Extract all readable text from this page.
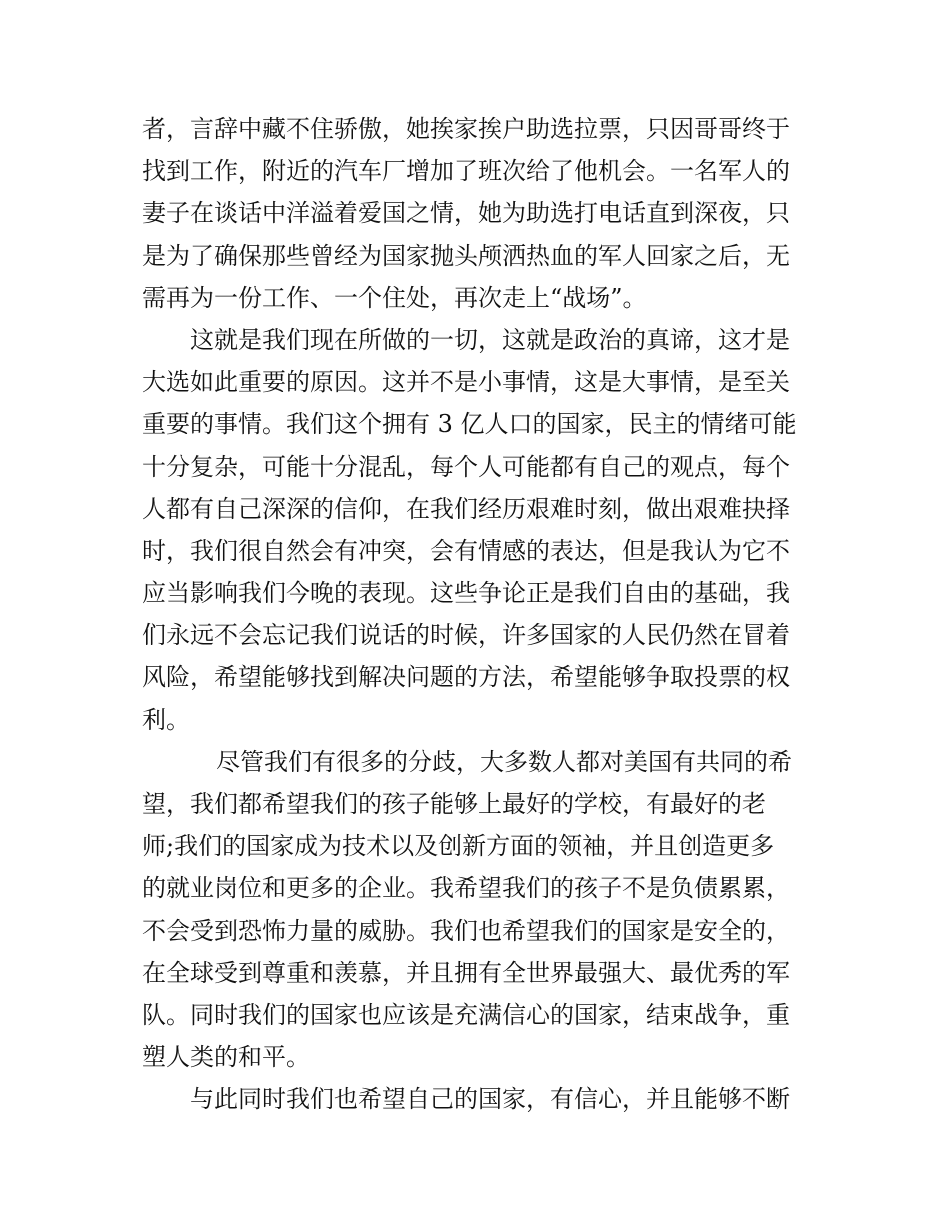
者，言辞中藏不住骄傲，她挨家挨户助选拉票，只因哥哥终于
找到工作，附近的汽车厂增加了班次给了他机会。一名军人的
妻子在谈话中洋溢着爱国之情，她为助选打电话直到深夜，只
是为了确保那些曾经为国家抛头颅洒热血的军人回家之后，无
需再为一份工作、一个住处，再次走上“战场”。
这就是我们现在所做的一切，这就是政治的真谛，这才是
大选如此重要的原因。这并不是小事情，这是大事情，是至关
重要的事情。我们这个拥有 3 亿人口的国家，民主的情绪可能
十分复杂，可能十分混乱，每个人可能都有自己的观点，每个
人都有自己深深的信仰，在我们经历艰难时刻，做出艰难抉择
时，我们很自然会有冲突，会有情感的表达，但是我认为它不
应当影响我们今晚的表现。这些争论正是我们自由的基础，我
们永远不会忘记我们说话的时候，许多国家的人民仍然在冒着
风险，希望能够找到解决问题的方法，希望能够争取投票的权
利。
尽管我们有很多的分歧，大多数人都对美国有共同的希
望，我们都希望我们的孩子能够上最好的学校，有最好的老
师;我们的国家成为技术以及创新方面的领袖，并且创造更多
的就业岗位和更多的企业。我希望我们的孩子不是负债累累，
不会受到恐怖力量的威胁。我们也希望我们的国家是安全的，
在全球受到尊重和羡慕，并且拥有全世界最强大、最优秀的军
队。同时我们的国家也应该是充满信心的国家，结束战争，重
塑人类的和平。
与此同时我们也希望自己的国家，有信心，并且能够不断
